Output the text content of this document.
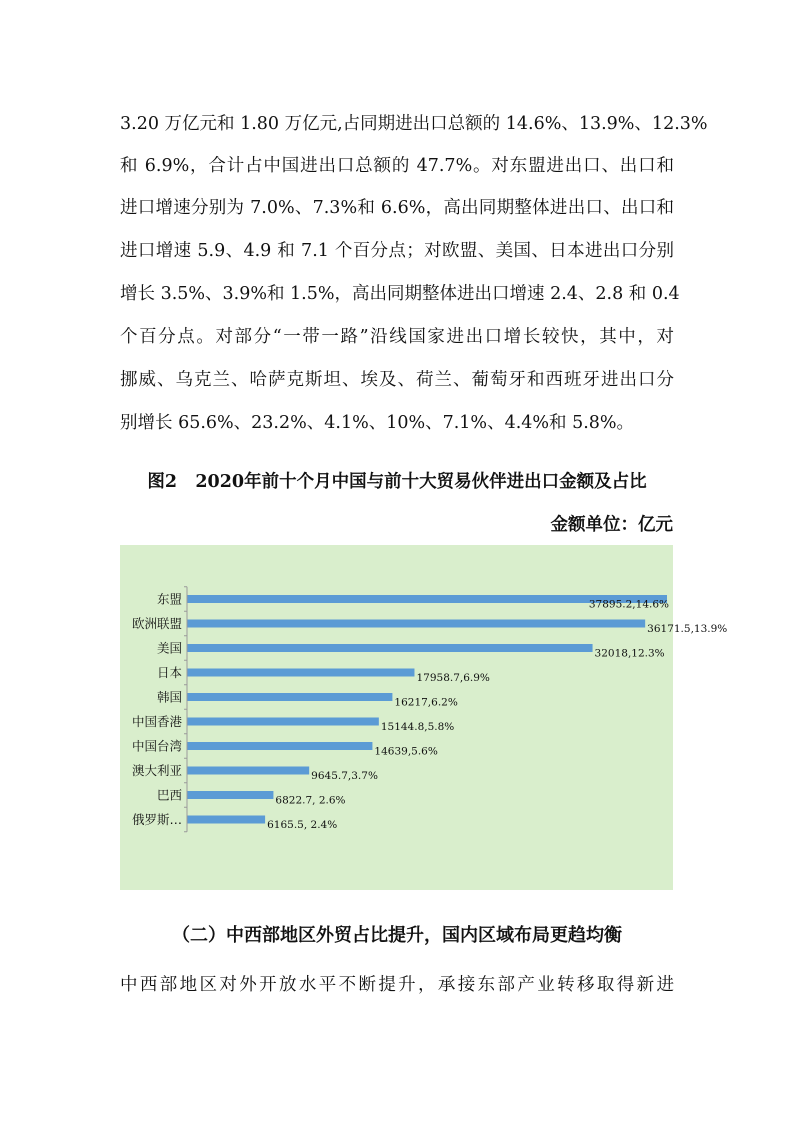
3.20 万亿元和 1.80 万亿元,占同期进出口总额的 14.6%、13.9%、12.3%
和 6.9%，合计占中国进出口总额的 47.7%。对东盟进出口、出口和
进口增速分别为 7.0%、7.3%和 6.6%，高出同期整体进出口、出口和
进口增速 5.9、4.9 和 7.1 个百分点；对欧盟、美国、日本进出口分别
增长 3.5%、3.9%和 1.5%，高出同期整体进出口增速 2.4、2.8 和 0.4
个百分点。对部分“一带一路”沿线国家进出口增长较快，其中，对
挪威、乌克兰、哈萨克斯坦、埃及、荷兰、葡萄牙和西班牙进出口分
别增长 65.6%、23.2%、4.1%、10%、7.1%、4.4%和 5.8%。
图2   2020年前十个月中国与前十大贸易伙伴进出口金额及占比
金额单位：亿元
东盟	37895.2,14.6%
欧洲联盟	36171.5,13.9%
美国	32018,12.3%
日本	17958.7,6.9%
韩国	16217,6.2%
中国香港	15144.8,5.8%
中国台湾	14639,5.6%
澳大利亚	9645.7,3.7%
巴西	6822.7, 2.6%
俄罗斯…	6165.5, 2.4%
（二）中西部地区外贸占比提升，国内区域布局更趋均衡
中西部地区对外开放水平不断提升，承接东部产业转移取得新进
